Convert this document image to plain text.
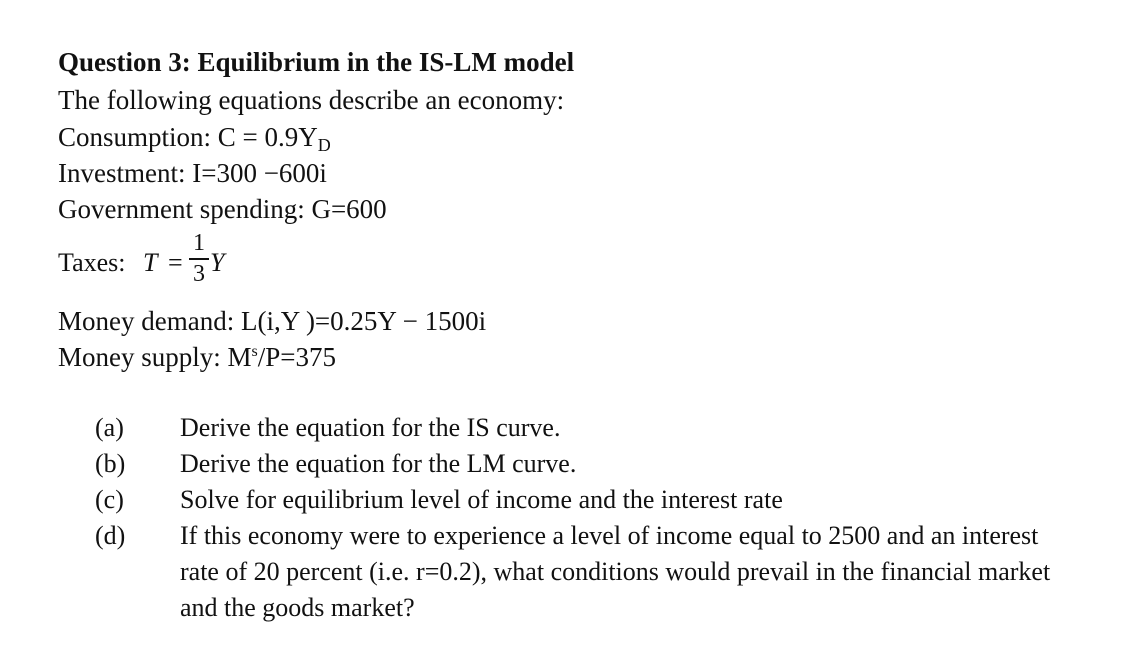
Question 3: Equilibrium in the IS-LM model
The following equations describe an economy:
Consumption: C = 0.9YD
Investment: I=300 −600i
Government spending: G=600
Taxes: T =
1
3 Y
Money demand: L(i,Y )=0.25Y − 1500i
Money supply: $M^s/P=375$
(a) Derive the equation for the IS curve.
(b) Derive the equation for the LM curve.
(c) Solve for equilibrium level of income and the interest rate
(d) If this economy were to experience a level of income equal to 2500 and an interest
rate of 20 percent (i.e. r=0.2), what conditions would prevail in the financial market
and the goods market?
